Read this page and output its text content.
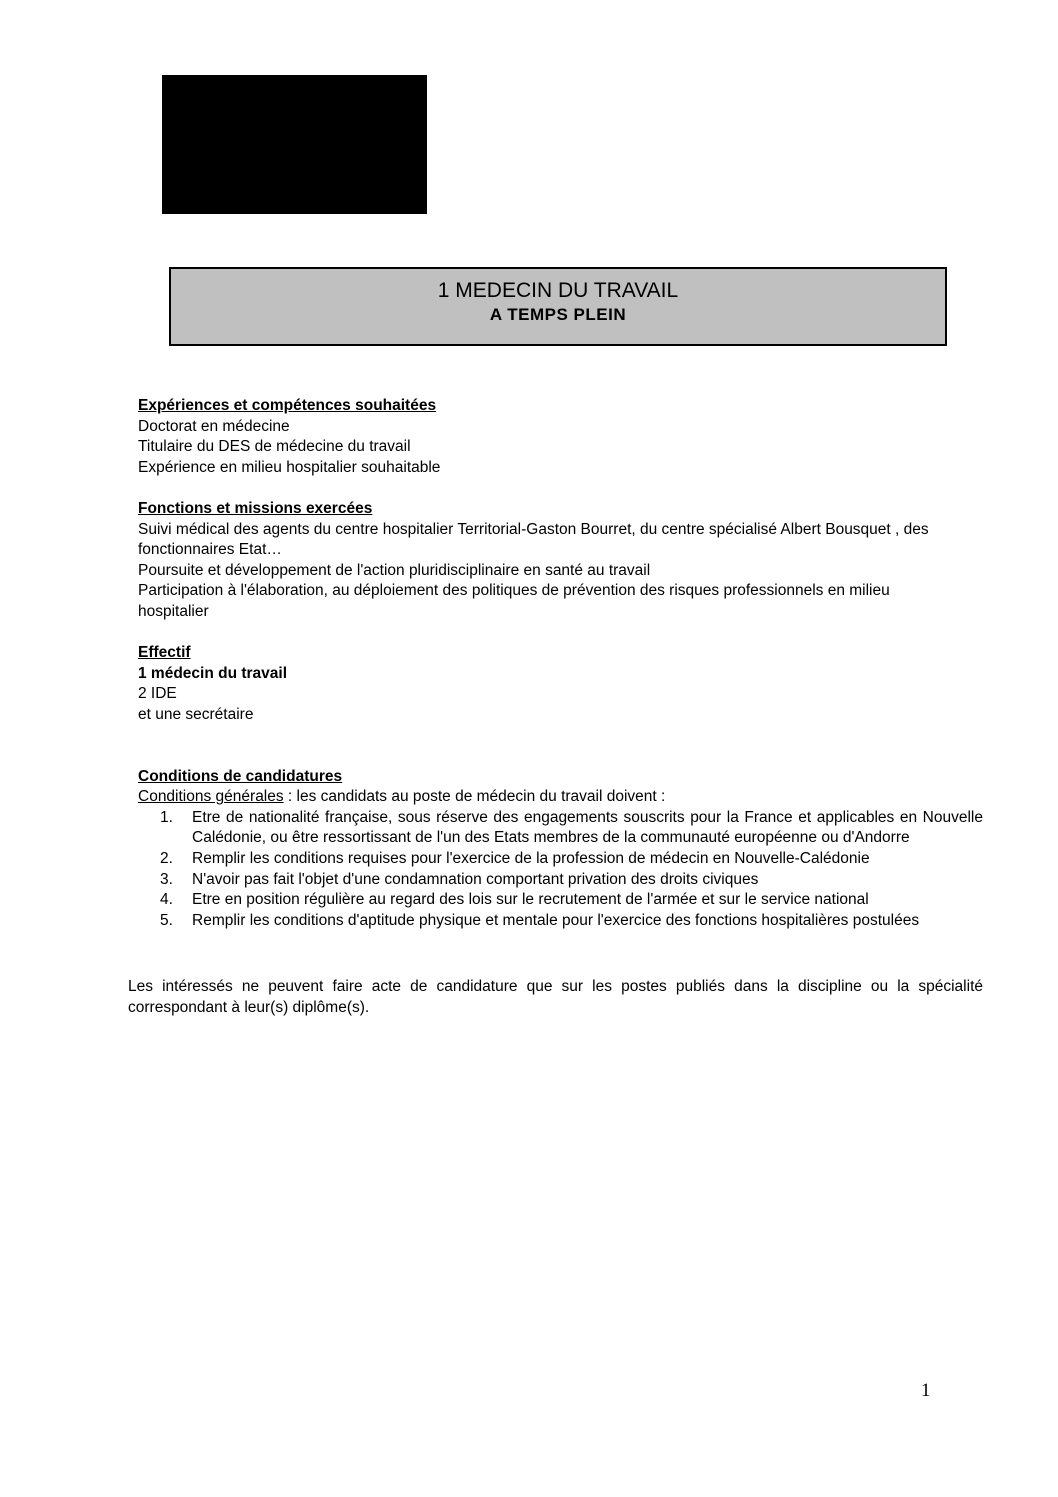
1 MEDECIN DU TRAVAIL
A TEMPS PLEIN
Expériences et compétences souhaitées
Doctorat en médecine
Titulaire du DES de médecine du travail
Expérience en milieu hospitalier souhaitable
Fonctions et missions exercées
Suivi médical des agents du centre hospitalier Territorial-Gaston Bourret, du centre spécialisé Albert Bousquet , des fonctionnaires Etat…
Poursuite et développement de l'action pluridisciplinaire en santé au travail
Participation à l'élaboration, au déploiement des politiques de prévention des risques professionnels en milieu hospitalier
Effectif
1 médecin du travail
2 IDE
et une secrétaire
Conditions de candidatures
Conditions générales : les candidats au poste de médecin du travail doivent :
1. Etre de nationalité française, sous réserve des engagements souscrits pour la France et applicables en Nouvelle Calédonie, ou être ressortissant de l'un des Etats membres de la communauté européenne ou d'Andorre
2. Remplir les conditions requises pour l'exercice de la profession de médecin en Nouvelle-Calédonie
3. N'avoir pas fait l'objet d'une condamnation comportant privation des droits civiques
4. Etre en position régulière au regard des lois sur le recrutement de l'armée et sur le service national
5. Remplir les conditions d'aptitude physique et mentale pour l'exercice des fonctions hospitalières postulées
Les intéressés ne peuvent faire acte de candidature que sur les postes publiés dans la discipline ou la spécialité correspondant à leur(s) diplôme(s).
1
